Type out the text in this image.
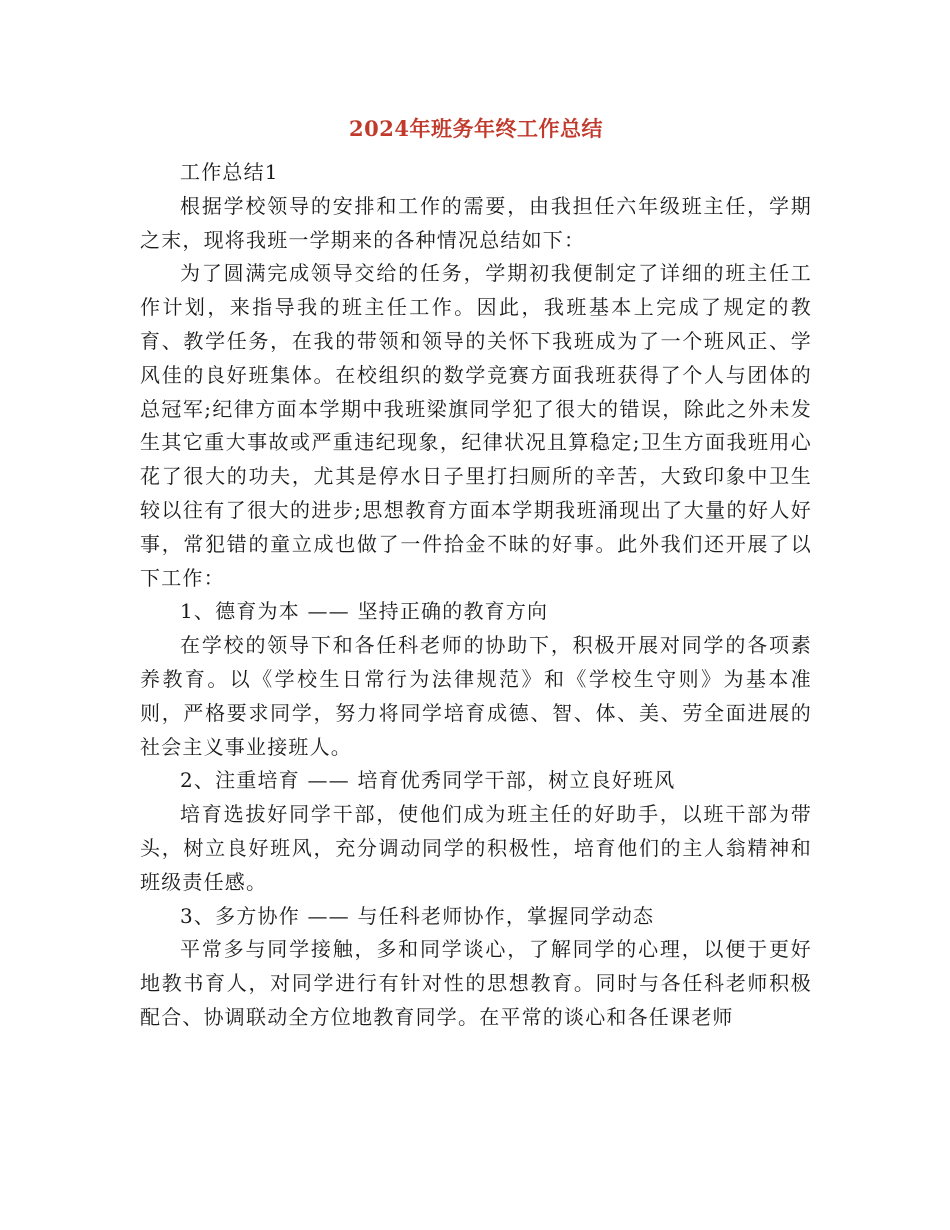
2024年班务年终工作总结

工作总结1

根据学校领导的安排和工作的需要，由我担任六年级班主任，学期之末，现将我班一学期来的各种情况总结如下：

为了圆满完成领导交给的任务，学期初我便制定了详细的班主任工作计划，来指导我的班主任工作。因此，我班基本上完成了规定的教育、教学任务，在我的带领和领导的关怀下我班成为了一个班风正、学风佳的良好班集体。在校组织的数学竞赛方面我班获得了个人与团体的总冠军;纪律方面本学期中我班梁旗同学犯了很大的错误，除此之外未发生其它重大事故或严重违纪现象，纪律状况且算稳定;卫生方面我班用心花了很大的功夫，尤其是停水日子里打扫厕所的辛苦，大致印象中卫生较以往有了很大的进步;思想教育方面本学期我班涌现出了大量的好人好事，常犯错的童立成也做了一件拾金不昧的好事。此外我们还开展了以下工作：

1、德育为本 —— 坚持正确的教育方向

在学校的领导下和各任科老师的协助下，积极开展对同学的各项素养教育。以《学校生日常行为法律规范》和《学校生守则》为基本准则，严格要求同学，努力将同学培育成德、智、体、美、劳全面进展的社会主义事业接班人。

2、注重培育 —— 培育优秀同学干部，树立良好班风

培育选拔好同学干部，使他们成为班主任的好助手，以班干部为带头，树立良好班风，充分调动同学的积极性，培育他们的主人翁精神和班级责任感。

3、多方协作 —— 与任科老师协作，掌握同学动态

平常多与同学接触，多和同学谈心，了解同学的心理，以便于更好地教书育人，对同学进行有针对性的思想教育。同时与各任科老师积极配合、协调联动全方位地教育同学。在平常的谈心和各任课老师
